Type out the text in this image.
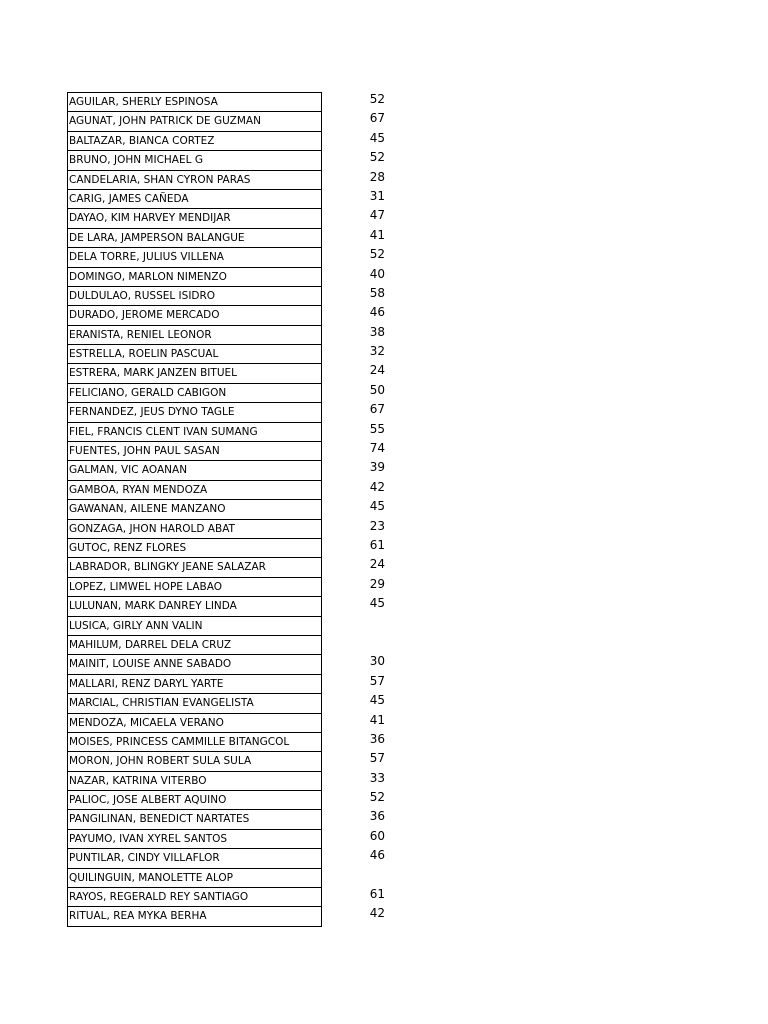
AGUILAR, SHERLY ESPINOSA	52
AGUNAT, JOHN PATRICK DE GUZMAN	67
BALTAZAR, BIANCA CORTEZ	45
BRUNO, JOHN MICHAEL G	52
CANDELARIA, SHAN CYRON PARAS	28
CARIG, JAMES CAÑEDA	31
DAYAO, KIM HARVEY MENDIJAR	47
DE LARA, JAMPERSON BALANGUE	41
DELA TORRE, JULIUS VILLENA	52
DOMINGO, MARLON NIMENZO	40
DULDULAO, RUSSEL ISIDRO	58
DURADO, JEROME MERCADO	46
ERANISTA, RENIEL LEONOR	38
ESTRELLA, ROELIN PASCUAL	32
ESTRERA, MARK JANZEN BITUEL	24
FELICIANO, GERALD CABIGON	50
FERNANDEZ, JEUS DYNO TAGLE	67
FIEL, FRANCIS CLENT IVAN SUMANG	55
FUENTES, JOHN PAUL SASAN	74
GALMAN, VIC AOANAN	39
GAMBOA, RYAN MENDOZA	42
GAWANAN, AILENE MANZANO	45
GONZAGA, JHON HAROLD ABAT	23
GUTOC, RENZ FLORES	61
LABRADOR, BLINGKY JEANE SALAZAR	24
LOPEZ, LIMWEL HOPE LABAO	29
LULUNAN, MARK DANREY LINDA	45
LUSICA, GIRLY ANN VALIN
MAHILUM, DARREL DELA CRUZ
MAINIT, LOUISE ANNE SABADO	30
MALLARI, RENZ DARYL YARTE	57
MARCIAL, CHRISTIAN EVANGELISTA	45
MENDOZA, MICAELA VERANO	41
MOISES, PRINCESS CAMMILLE BITANGCOL	36
MORON, JOHN ROBERT SULA SULA	57
NAZAR, KATRINA VITERBO	33
PALIOC, JOSE ALBERT AQUINO	52
PANGILINAN, BENEDICT NARTATES	36
PAYUMO, IVAN XYREL SANTOS	60
PUNTILAR, CINDY VILLAFLOR	46
QUILINGUIN, MANOLETTE ALOP
RAYOS, REGERALD REY SANTIAGO	61
RITUAL, REA MYKA BERHA	42
